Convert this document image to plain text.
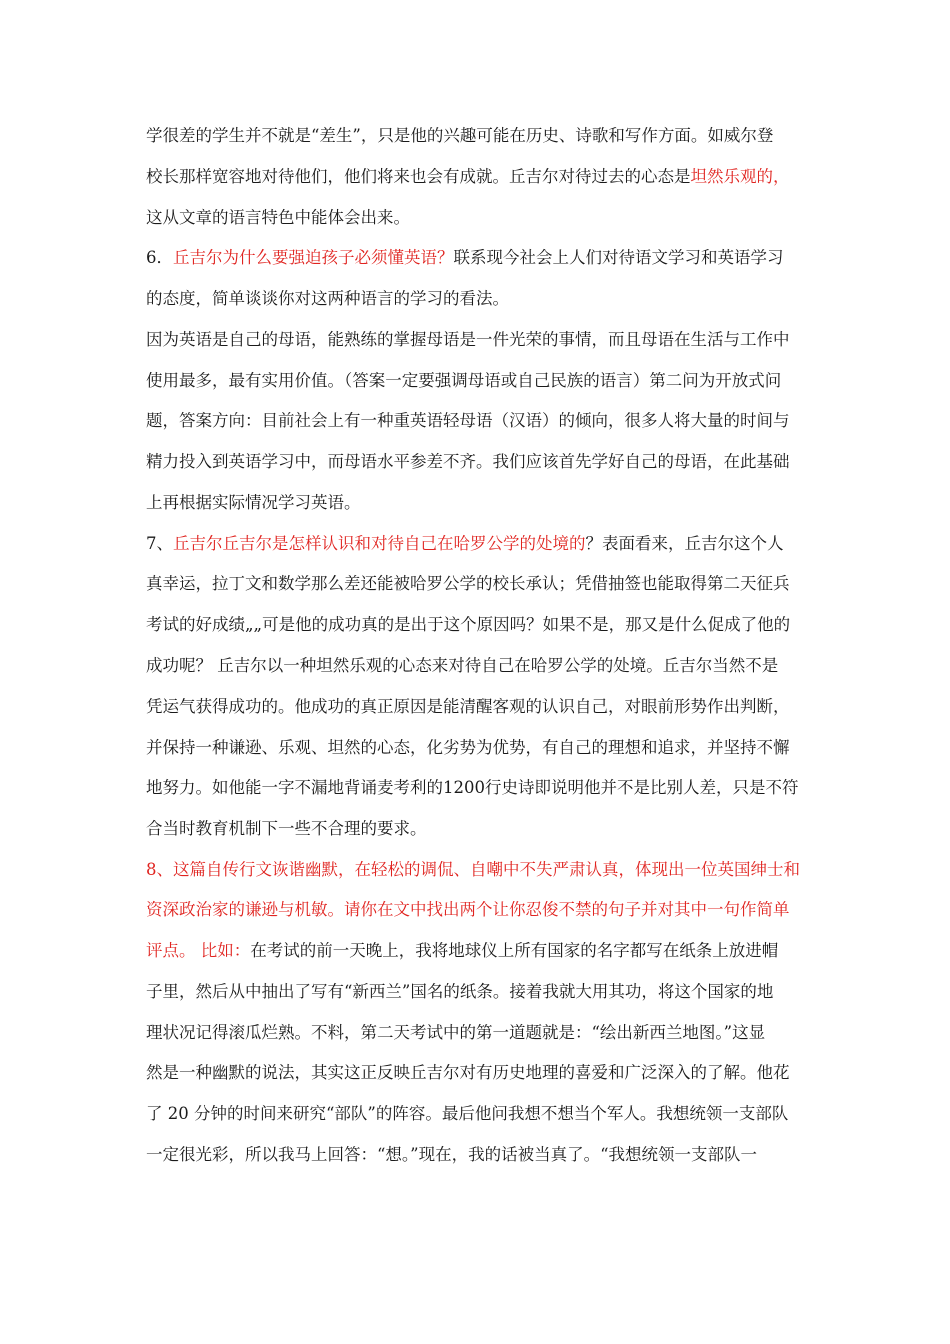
学很差的学生并不就是“差生”，只是他的兴趣可能在历史、诗歌和写作方面。如威尔登
校长那样宽容地对待他们，他们将来也会有成就。丘吉尔对待过去的心态是坦然乐观的，
这从文章的语言特色中能体会出来。
6．丘吉尔为什么要强迫孩子必须懂英语？联系现今社会上人们对待语文学习和英语学习
的态度，简单谈谈你对这两种语言的学习的看法。
因为英语是自己的母语，能熟练的掌握母语是一件光荣的事情，而且母语在生活与工作中
使用最多，最有实用价值。（答案一定要强调母语或自己民族的语言）第二问为开放式问
题，答案方向：目前社会上有一种重英语轻母语（汉语）的倾向，很多人将大量的时间与
精力投入到英语学习中，而母语水平参差不齐。我们应该首先学好自己的母语，在此基础
上再根据实际情况学习英语。
7、丘吉尔丘吉尔是怎样认识和对待自己在哈罗公学的处境的？表面看来，丘吉尔这个人
真幸运，拉丁文和数学那么差还能被哈罗公学的校长承认；凭借抽签也能取得第二天征兵
考试的好成绩„„可是他的成功真的是出于这个原因吗？如果不是，那又是什么促成了他的
成功呢？ 丘吉尔以一种坦然乐观的心态来对待自己在哈罗公学的处境。丘吉尔当然不是
凭运气获得成功的。他成功的真正原因是能清醒客观的认识自己，对眼前形势作出判断，
并保持一种谦逊、乐观、坦然的心态，化劣势为优势，有自己的理想和追求，并坚持不懈
地努力。如他能一字不漏地背诵麦考利的1200行史诗即说明他并不是比别人差，只是不符
合当时教育机制下一些不合理的要求。
8、这篇自传行文诙谐幽默，在轻松的调侃、自嘲中不失严肃认真，体现出一位英国绅士和
资深政治家的谦逊与机敏。请你在文中找出两个让你忍俊不禁的句子并对其中一句作简单
评点。 比如：在考试的前一天晚上，我将地球仪上所有国家的名字都写在纸条上放进帽
子里，然后从中抽出了写有“新西兰”国名的纸条。接着我就大用其功，将这个国家的地
理状况记得滚瓜烂熟。不料，第二天考试中的第一道题就是：“绘出新西兰地图。”这显
然是一种幽默的说法，其实这正反映丘吉尔对有历史地理的喜爱和广泛深入的了解。他花
了 20 分钟的时间来研究“部队”的阵容。最后他问我想不想当个军人。我想统领一支部队
一定很光彩，所以我马上回答：“想。”现在，我的话被当真了。“我想统领一支部队一
